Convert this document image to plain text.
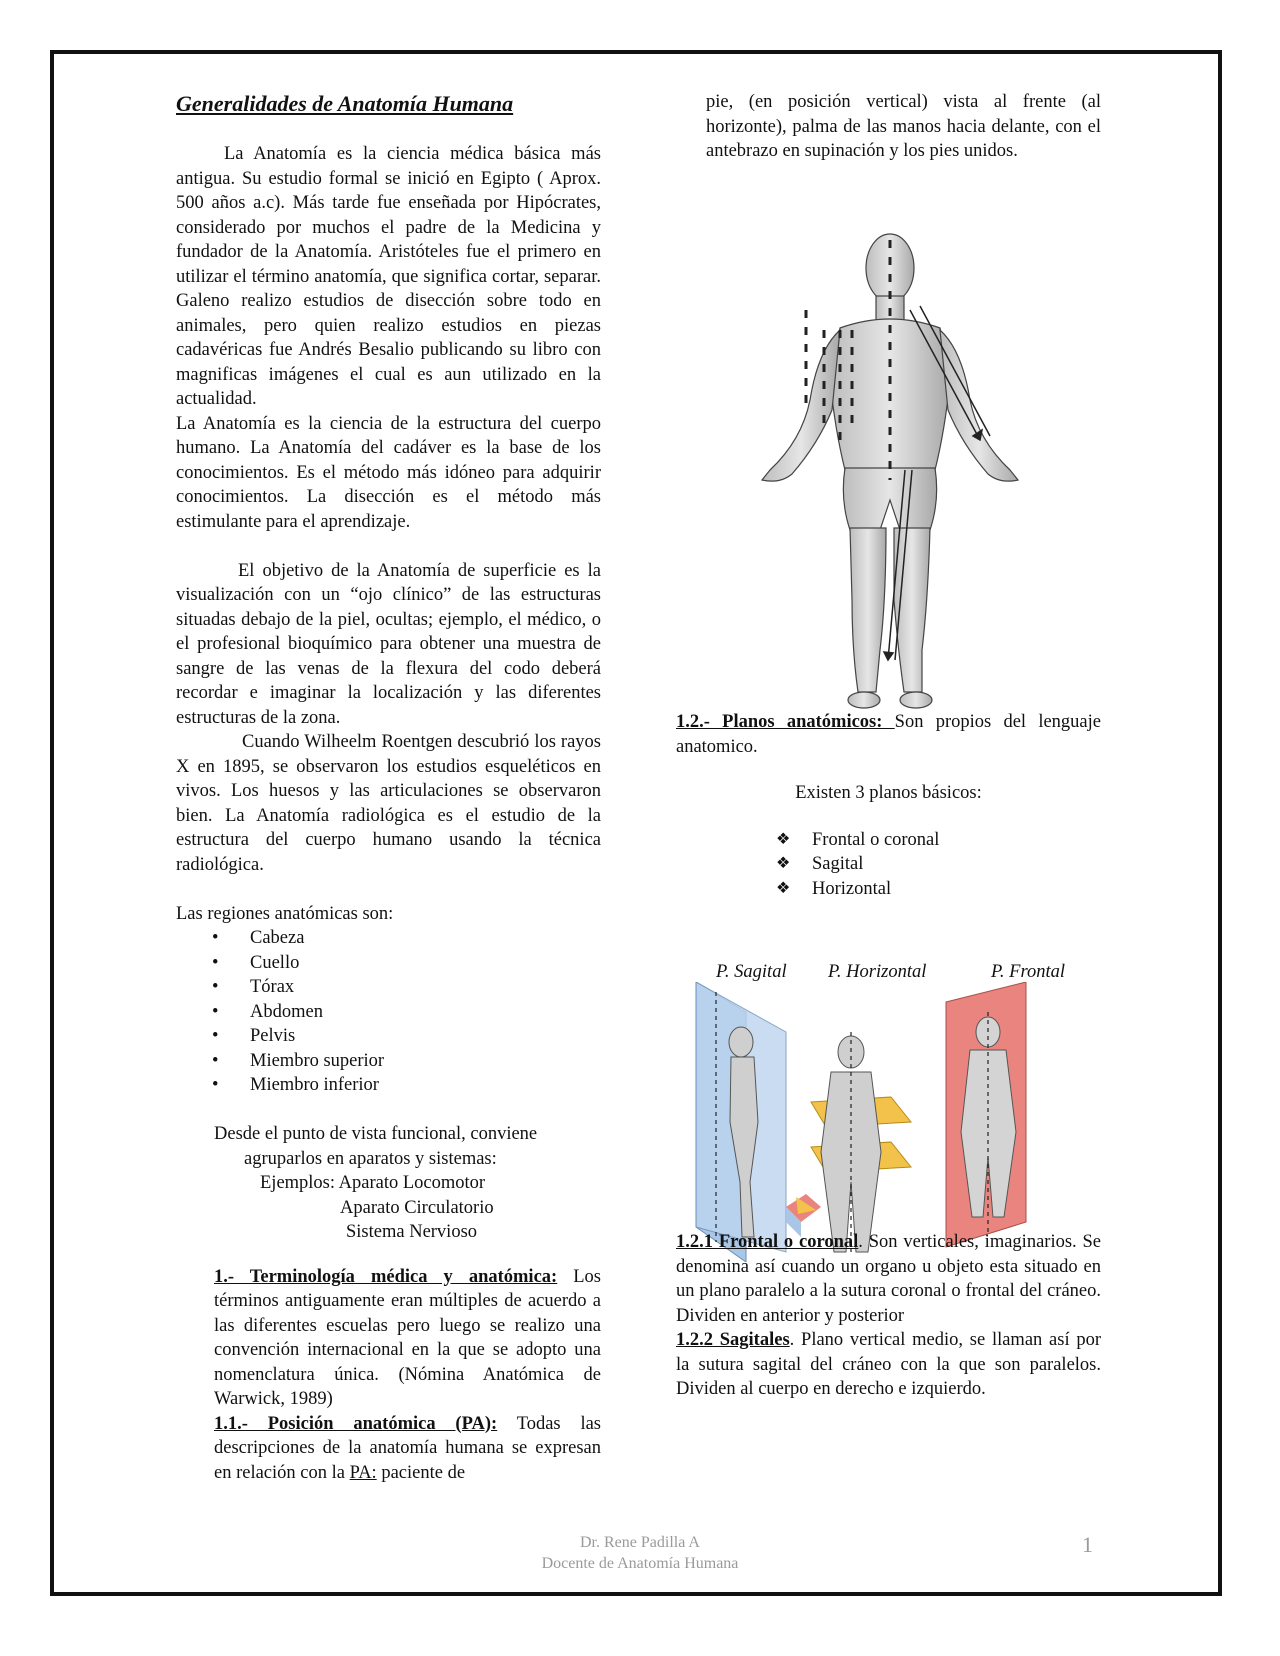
Generalidades de Anatomía Humana

La Anatomía es la ciencia médica básica más antigua. Su estudio formal se inició en Egipto ( Aprox. 500 años a.c). Más tarde fue enseñada por Hipócrates, considerado por muchos el padre de la Medicina y fundador de la Anatomía. Aristóteles fue el primero en utilizar el término anatomía, que significa cortar, separar. Galeno realizo estudios de disección sobre todo en animales, pero quien realizo estudios en piezas cadavéricas fue Andrés Besalio publicando su libro con magnificas imágenes el cual es aun utilizado en la actualidad.

La Anatomía es la ciencia de la estructura del cuerpo humano. La Anatomía del cadáver es la base de los conocimientos. Es el método más idóneo para adquirir conocimientos. La disección es el método más estimulante para el aprendizaje.

El objetivo de la Anatomía de superficie es la visualización con un “ojo clínico” de las estructuras situadas debajo de la piel, ocultas; ejemplo, el médico, o el profesional bioquímico para obtener una muestra de sangre de las venas de la flexura del codo deberá recordar e imaginar la localización y las diferentes estructuras de la zona.

Cuando Wilheelm Roentgen descubrió los rayos X en 1895, se observaron los estudios esqueléticos en vivos. Los huesos y las articulaciones se observaron bien. La Anatomía radiológica es el estudio de la estructura del cuerpo humano usando la técnica radiológica.

Las regiones anatómicas son:

• Cabeza
• Cuello
• Tórax
• Abdomen
• Pelvis
• Miembro superior
• Miembro inferior
Desde el punto de vista funcional, conviene
agruparlos en aparatos y sistemas:
Ejemplos: Aparato Locomotor
Aparato Circulatorio
Sistema Nervioso

1.- Terminología médica y anatómica: Los términos antiguamente eran múltiples de acuerdo a las diferentes escuelas pero luego se realizo una convención internacional en la que se adopto una nomenclatura única. (Nómina Anatómica de Warwick, 1989)

1.1.- Posición anatómica (PA): Todas las descripciones de la anatomía humana se expresan en relación con la PA: paciente de

pie, (en posición vertical) vista al frente (al horizonte), palma de las manos hacia delante, con el antebrazo en supinación y los pies unidos.

1.2.- Planos anatómicos: Son propios del lenguaje anatomico.

Existen 3 planos básicos:

❖ Frontal o coronal
❖ Sagital
❖ Horizontal
P. Sagital P. Horizontal	P. Frontal

1.2.1 Frontal o coronal. Son verticales, imaginarios. Se denomina así cuando un organo u objeto esta situado en un plano paralelo a la sutura coronal o frontal del cráneo. Dividen en anterior y posterior

1.2.2 Sagitales. Plano vertical medio, se llaman así por la sutura sagital del cráneo con la que son paralelos. Dividen al cuerpo en derecho e izquierdo.

Dr. Rene Padilla A
Docente de Anatomía Humana
1
